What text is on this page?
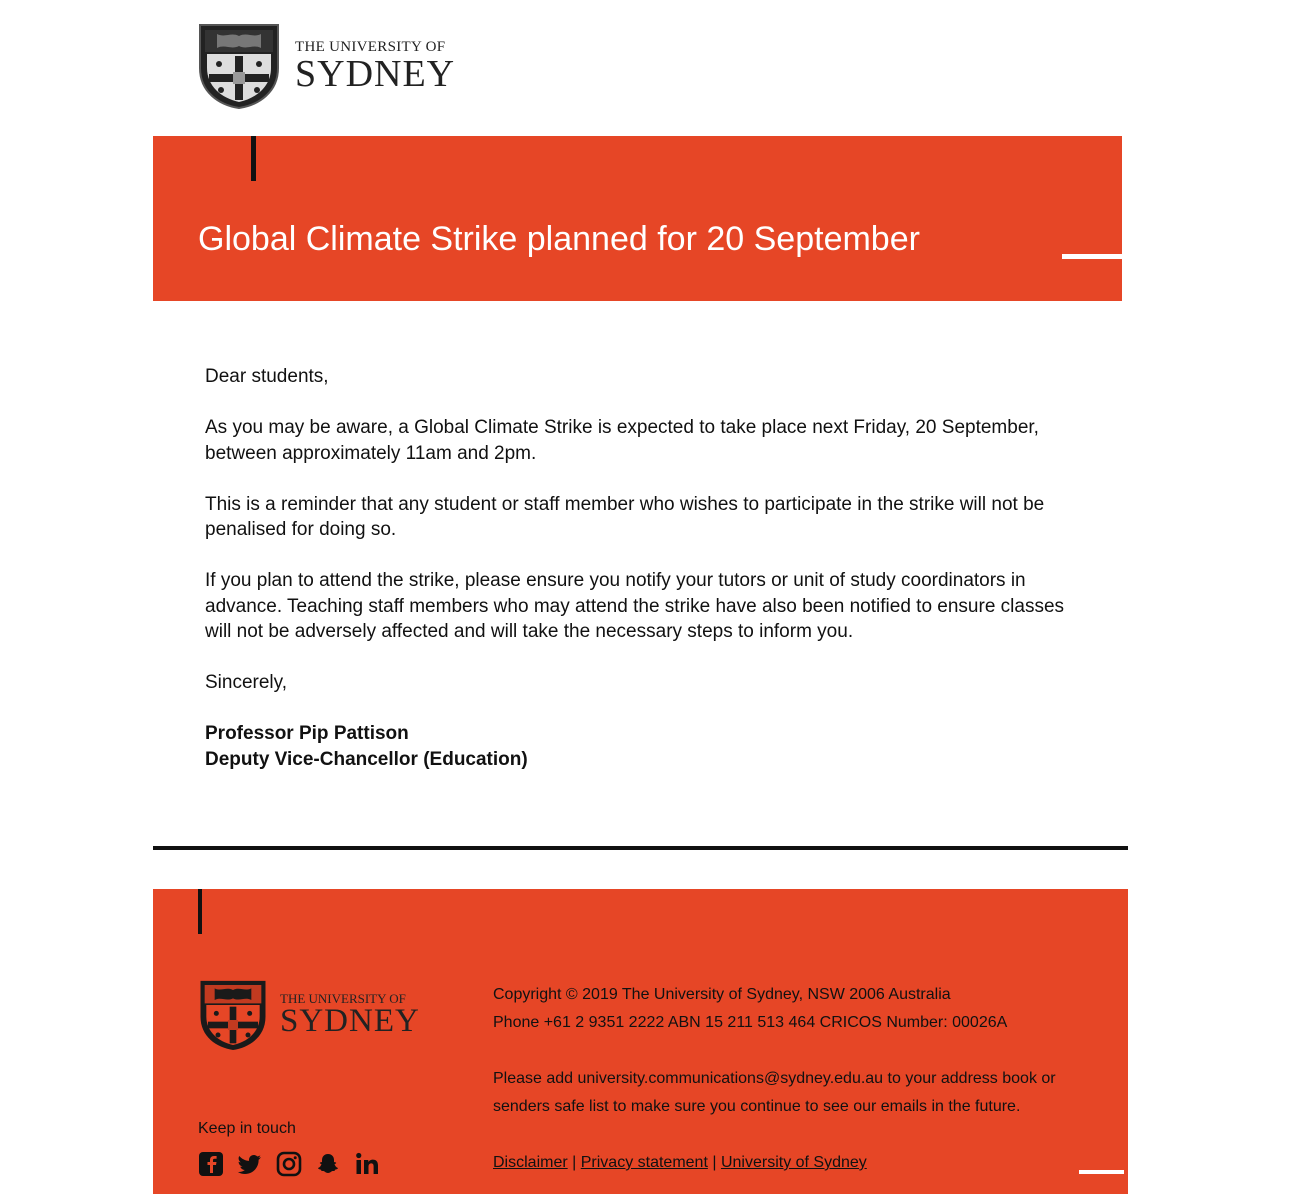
THE UNIVERSITY OF
SYDNEY
Global Climate Strike planned for 20 September

Dear students,

As you may be aware, a Global Climate Strike is expected to take place next Friday, 20 September, between approximately 11am and 2pm.

This is a reminder that any student or staff member who wishes to participate in the strike will not be penalised for doing so.

If you plan to attend the strike, please ensure you notify your tutors or unit of study coordinators in advance. Teaching staff members who may attend the strike have also been notified to ensure classes will not be adversely affected and will take the necessary steps to inform you.

Sincerely,

Professor Pip Pattison

Deputy Vice-Chancellor (Education)

THE UNIVERSITY OF
SYDNEY
Keep in touch
Copyright © 2019 The University of Sydney, NSW 2006 Australia

Phone +61 2 9351 2222 ABN 15 211 513 464 CRICOS Number: 00026A

Please add university.communications@sydney.edu.au to your address book or senders safe list to make sure you continue to see our emails in the future.

Disclaimer | Privacy statement | University of Sydney
